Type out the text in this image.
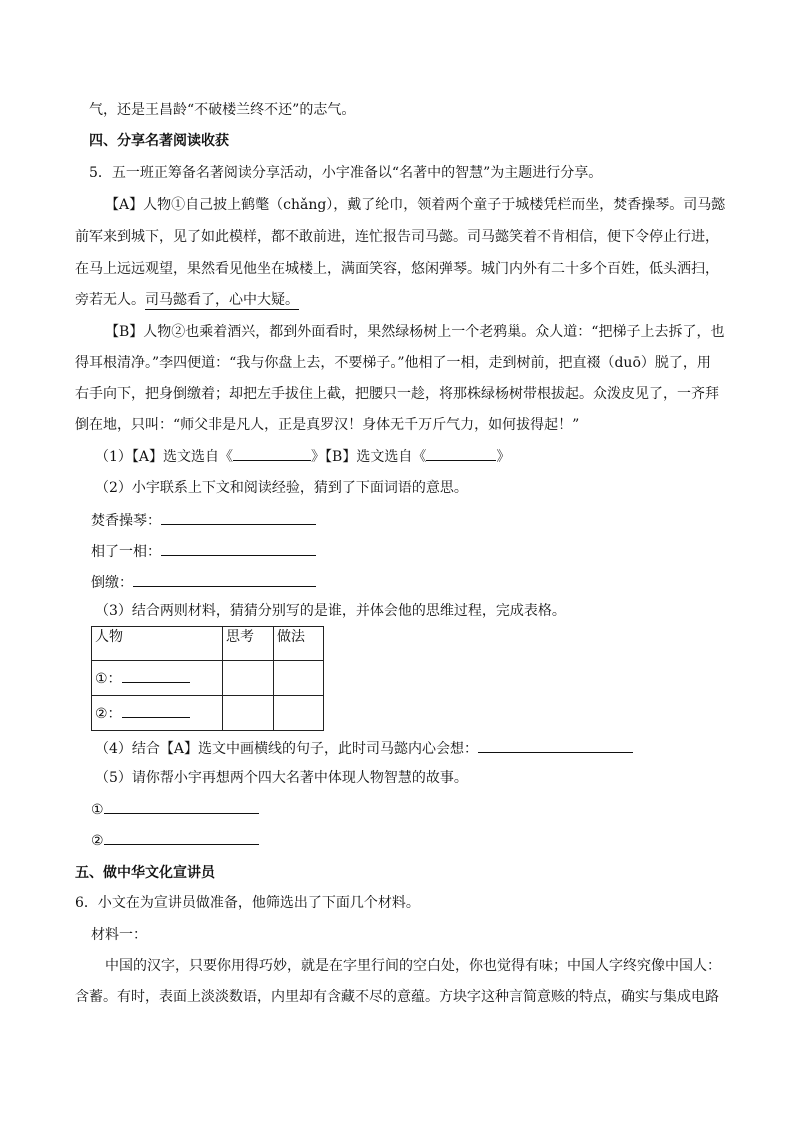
气，还是王昌龄“不破楼兰终不还”的志气。
四、分享名著阅读收获
5．五一班正筹备名著阅读分享活动，小宇准备以“名著中的智慧”为主题进行分享。
【A】人物①自己披上鹤氅（chǎng），戴了纶巾，领着两个童子于城楼凭栏而坐，焚香操琴。司马懿
前军来到城下，见了如此模样，都不敢前进，连忙报告司马懿。司马懿笑着不肯相信，便下令停止行进，
在马上远远观望，果然看见他坐在城楼上，满面笑容，悠闲弹琴。城门内外有二十多个百姓，低头洒扫，
旁若无人。司马懿看了，心中大疑。
【B】人物②也乘着酒兴，都到外面看时，果然绿杨树上一个老鸦巢。众人道：“把梯子上去拆了，也
得耳根清净。”李四便道：“我与你盘上去，不要梯子。”他相了一相，走到树前，把直裰（duō）脱了，用
右手向下，把身倒缴着；却把左手拔住上截，把腰只一趁，将那株绿杨树带根拔起。众泼皮见了，一齐拜
倒在地，只叫：“师父非是凡人，正是真罗汉！身体无千万斤气力，如何拔得起！”
（1）【A】选文选自《	》【B】选文选自《	》
（2）小宇联系上下文和阅读经验，猜到了下面词语的意思。
焚香操琴：
相了一相：
倒缴：
（3）结合两则材料，猜猜分别写的是谁，并体会他的思维过程，完成表格。
人物	思考	做法
①：		
②：		
（4）结合【A】选文中画横线的句子，此时司马懿内心会想：
（5）请你帮小宇再想两个四大名著中体现人物智慧的故事。
①
②
五、做中华文化宣讲员
6．小文在为宣讲员做准备，他筛选出了下面几个材料。
材料一：
中国的汉字，只要你用得巧妙，就是在字里行间的空白处，你也觉得有味；中国人字终究像中国人：
含蓄。有时，表面上淡淡数语，内里却有含藏不尽的意蕴。方块字这种言简意赅的特点，确实与集成电路
